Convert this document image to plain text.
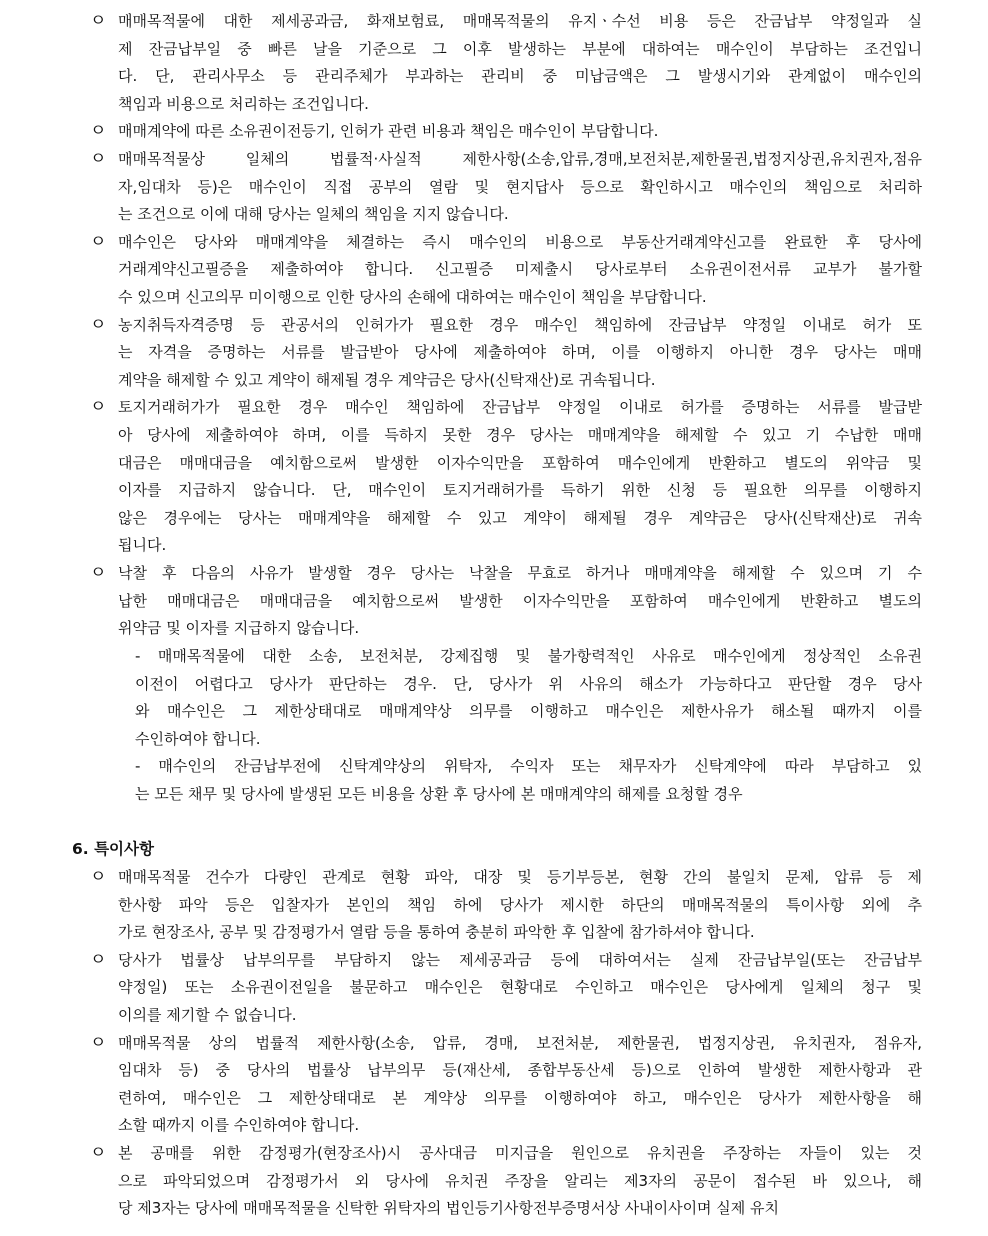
ㅇ 매매목적물에 대한 제세공과금, 화재보험료, 매매목적물의 유지ㆍ수선 비용 등은 잔금납부 약정일과 실
제 잔금납부일 중 빠른 날을 기준으로 그 이후 발생하는 부분에 대하여는 매수인이 부담하는 조건입니
다. 단, 관리사무소 등 관리주체가 부과하는 관리비 중 미납금액은 그 발생시기와 관계없이 매수인의
책임과 비용으로 처리하는 조건입니다.
ㅇ 매매계약에 따른 소유권이전등기, 인허가 관련 비용과 책임은 매수인이 부담합니다.
ㅇ 매매목적물상 일체의 법률적·사실적 제한사항(소송,압류,경매,보전처분,제한물권,법정지상권,유치권자,점유
자,임대차 등)은 매수인이 직접 공부의 열람 및 현지답사 등으로 확인하시고 매수인의 책임으로 처리하
는 조건으로 이에 대해 당사는 일체의 책임을 지지 않습니다.
ㅇ 매수인은 당사와 매매계약을 체결하는 즉시 매수인의 비용으로 부동산거래계약신고를 완료한 후 당사에
거래계약신고필증을 제출하여야 합니다. 신고필증 미제출시 당사로부터 소유권이전서류 교부가 불가할
수 있으며 신고의무 미이행으로 인한 당사의 손해에 대하여는 매수인이 책임을 부담합니다.
ㅇ 농지취득자격증명 등 관공서의 인허가가 필요한 경우 매수인 책임하에 잔금납부 약정일 이내로 허가 또
는 자격을 증명하는 서류를 발급받아 당사에 제출하여야 하며, 이를 이행하지 아니한 경우 당사는 매매
계약을 해제할 수 있고 계약이 해제될 경우 계약금은 당사(신탁재산)로 귀속됩니다.
ㅇ 토지거래허가가 필요한 경우 매수인 책임하에 잔금납부 약정일 이내로 허가를 증명하는 서류를 발급받
아 당사에 제출하여야 하며, 이를 득하지 못한 경우 당사는 매매계약을 해제할 수 있고 기 수납한 매매
대금은 매매대금을 예치함으로써 발생한 이자수익만을 포함하여 매수인에게 반환하고 별도의 위약금 및
이자를 지급하지 않습니다. 단, 매수인이 토지거래허가를 득하기 위한 신청 등 필요한 의무를 이행하지
않은 경우에는 당사는 매매계약을 해제할 수 있고 계약이 해제될 경우 계약금은 당사(신탁재산)로 귀속
됩니다.
ㅇ 낙찰 후 다음의 사유가 발생할 경우 당사는 낙찰을 무효로 하거나 매매계약을 해제할 수 있으며 기 수
납한 매매대금은 매매대금을 예치함으로써 발생한 이자수익만을 포함하여 매수인에게 반환하고 별도의
위약금 및 이자를 지급하지 않습니다.
- 매매목적물에 대한 소송, 보전처분, 강제집행 및 불가항력적인 사유로 매수인에게 정상적인 소유권
이전이 어렵다고 당사가 판단하는 경우. 단, 당사가 위 사유의 해소가 가능하다고 판단할 경우 당사
와 매수인은 그 제한상태대로 매매계약상 의무를 이행하고 매수인은 제한사유가 해소될 때까지 이를
수인하여야 합니다.
- 매수인의 잔금납부전에 신탁계약상의 위탁자, 수익자 또는 채무자가 신탁계약에 따라 부담하고 있
는 모든 채무 및 당사에 발생된 모든 비용을 상환 후 당사에 본 매매계약의 해제를 요청할 경우
6. 특이사항
ㅇ 매매목적물 건수가 다량인 관계로 현황 파악, 대장 및 등기부등본, 현황 간의 불일치 문제, 압류 등 제
한사항 파악 등은 입찰자가 본인의 책임 하에 당사가 제시한 하단의 매매목적물의 특이사항 외에 추
가로 현장조사, 공부 및 감정평가서 열람 등을 통하여 충분히 파악한 후 입찰에 참가하셔야 합니다.
ㅇ 당사가 법률상 납부의무를 부담하지 않는 제세공과금 등에 대하여서는 실제 잔금납부일(또는 잔금납부
약정일) 또는 소유권이전일을 불문하고 매수인은 현황대로 수인하고 매수인은 당사에게 일체의 청구 및
이의를 제기할 수 없습니다.
ㅇ 매매목적물 상의 법률적 제한사항(소송, 압류, 경매, 보전처분, 제한물권, 법정지상권, 유치권자, 점유자,
임대차 등) 중 당사의 법률상 납부의무 등(재산세, 종합부동산세 등)으로 인하여 발생한 제한사항과 관
련하여, 매수인은 그 제한상태대로 본 계약상 의무를 이행하여야 하고, 매수인은 당사가 제한사항을 해
소할 때까지 이를 수인하여야 합니다.
ㅇ 본 공매를 위한 감정평가(현장조사)시 공사대금 미지급을 원인으로 유치권을 주장하는 자들이 있는 것
으로 파악되었으며 감정평가서 외 당사에 유치권 주장을 알리는 제3자의 공문이 접수된 바 있으나, 해
당 제3자는 당사에 매매목적물을 신탁한 위탁자의 법인등기사항전부증명서상 사내이사이며 실제 유치
